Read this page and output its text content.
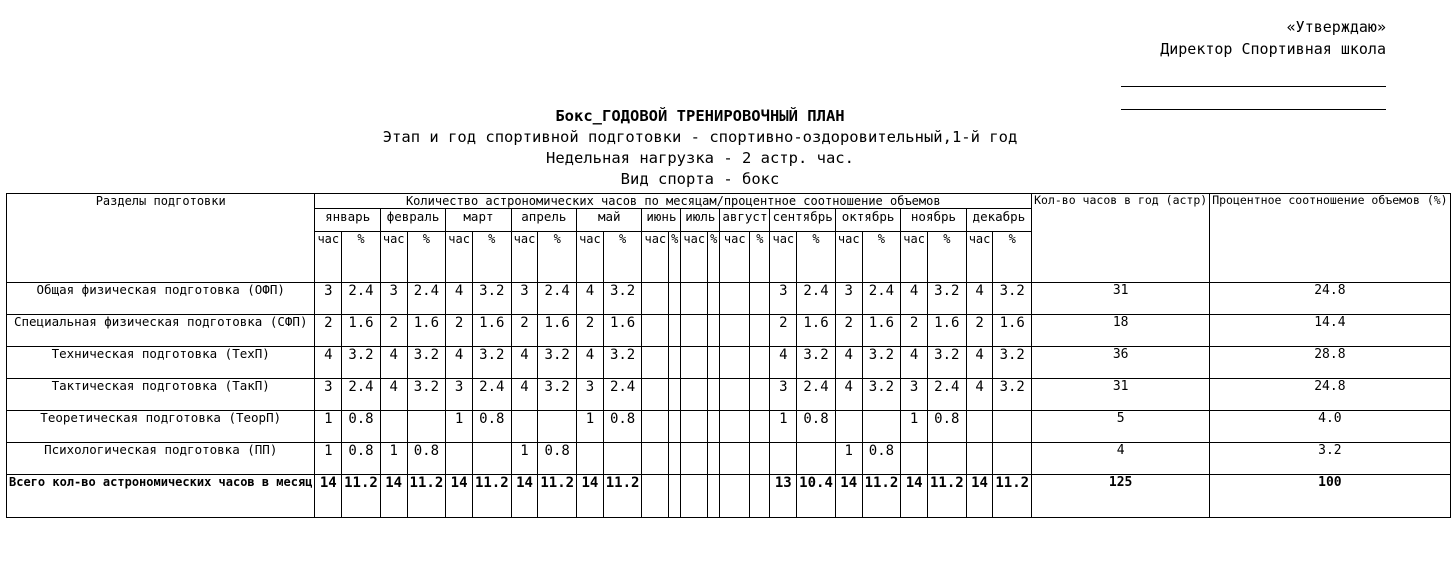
«Утверждаю»
Директор Спортивная школа
Бокс_ГОДОВОЙ ТРЕНИРОВОЧНЫЙ ПЛАН
Этап и год спортивной подготовки - спортивно-оздоровительный,1-й год
Недельная нагрузка - 2 астр. час.
Вид спорта - бокс
Разделы подготовки	Количество астрономических часов по месяцам/процентное соотношение объемов																								Кол-во часов в год (астр)	Процентное соотношение объемов (%)
	январь		февраль		март		апрель		май		июнь		июль		август		сентябрь		октябрь		ноябрь		декабрь			
	час	%	час	%	час	%	час	%	час	%	час	%	час	%	час	%	час	%	час	%	час	%	час	%		
Общая физическая подготовка (ОФП)	3	2.4	3	2.4	4	3.2	3	2.4	4	3.2							3	2.4	3	2.4	4	3.2	4	3.2	31	24.8
Специальная физическая подготовка (СФП)	2	1.6	2	1.6	2	1.6	2	1.6	2	1.6							2	1.6	2	1.6	2	1.6	2	1.6	18	14.4
Техническая подготовка (ТехП)	4	3.2	4	3.2	4	3.2	4	3.2	4	3.2							4	3.2	4	3.2	4	3.2	4	3.2	36	28.8
Тактическая подготовка (ТакП)	3	2.4	4	3.2	3	2.4	4	3.2	3	2.4							3	2.4	4	3.2	3	2.4	4	3.2	31	24.8
Теоретическая подготовка (ТеорП)	1	0.8			1	0.8			1	0.8							1	0.8			1	0.8			5	4.0
Психологическая подготовка (ПП)	1	0.8	1	0.8			1	0.8											1	0.8					4	3.2
Всего кол-во астрономических часов в месяц	14	11.2	14	11.2	14	11.2	14	11.2	14	11.2							13	10.4	14	11.2	14	11.2	14	11.2	125	100
